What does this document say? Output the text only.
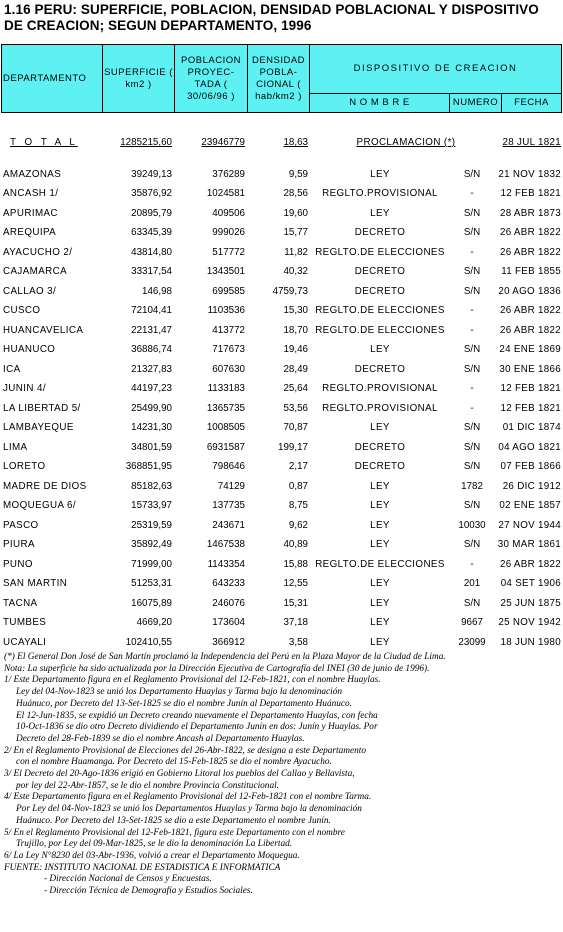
1.16 PERU: SUPERFICIE, POBLACION, DENSIDAD POBLACIONAL Y DISPOSITIVO DE CREACION; SEGUN DEPARTAMENTO, 1996
DEPARTAMENTO	SUPERFICIE ( km2 )	POBLACION PROYEC-TADA ( 30/06/96 )	DENSIDAD POBLA-CIONAL ( hab/km2 )	DISPOSITIVO DE CREACION		
				N O M B R E	NUMERO	FECHA
T O T A L	1285215,60	23946779	18,63	PROCLAMACION (*)	28 JUL 1821
AMAZONAS	39249,13	376289	9,59	LEY	S/N	21 NOV 1832
ANCASH 1/	35876,92	1024581	28,56	REGLTO.PROVISIONAL	-	12 FEB 1821
APURIMAC	20895,79	409506	19,60	LEY	S/N	28 ABR 1873
AREQUIPA	63345,39	999026	15,77	DECRETO	S/N	26 ABR 1822
AYACUCHO 2/	43814,80	517772	11,82 REGLTO.DE ELECCIONES	-	26 ABR 1822
CAJAMARCA	33317,54	1343501	40,32	DECRETO	S/N	11 FEB 1855
CALLAO 3/	146,98	699585	4759,73	DECRETO	S/N	20 AGO 1836
CUSCO	72104,41	1103536	15,30 REGLTO.DE ELECCIONES	-	26 ABR 1822
HUANCAVELICA	22131,47	413772	18,70 REGLTO.DE ELECCIONES	-	26 ABR 1822
HUANUCO	36886,74	717673	19,46	LEY	S/N	24 ENE 1869
ICA	21327,83	607630	28,49	DECRETO	S/N	30 ENE 1866
JUNIN 4/	44197,23	1133183	25,64	REGLTO.PROVISIONAL	-	12 FEB 1821
LA LIBERTAD 5/	25499,90	1365735	53,56	REGLTO.PROVISIONAL	-	12 FEB 1821
LAMBAYEQUE	14231,30	1008505	70,87	LEY	S/N	01 DIC 1874
LIMA	34801,59	6931587	199,17	DECRETO	S/N	04 AGO 1821
LORETO	368851,95	798646	2,17	DECRETO	S/N	07 FEB 1866
MADRE DE DIOS	85182,63	74129	0,87	LEY	1782	26 DIC 1912
MOQUEGUA 6/	15733,97	137735	8,75	LEY	S/N	02 ENE 1857
PASCO	25319,59	243671	9,62	LEY	10030	27 NOV 1944
PIURA	35892,49	1467538	40,89	LEY	S/N	30 MAR 1861
PUNO	71999,00	1143354	15,88 REGLTO.DE ELECCIONES	-	26 ABR 1822
SAN MARTIN	51253,31	643233	12,55	LEY	201	04 SET 1906
TACNA	16075,89	246076	15,31	LEY	S/N	25 JUN 1875
TUMBES	4669,20	173604	37,18	LEY	9667	25 NOV 1942
UCAYALI	102410,55	366912	3,58	LEY	23099	18 JUN 1980

(*) El General Don José de San Martín proclamó la Independencia del Perú en la Plaza Mayor de la Ciudad de Lima.

Nota: La superficie ha sido actualizada por la Dirección Ejecutiva de Cartografía del INEI (30 de junio de 1996).

1/ Este Departamento figura en el Reglamento Provisional del 12-Feb-1821, con el nombre Huaylas.

Ley del 04-Nov-1823 se unió los Departamento Huaylas y Tarma bajo la denominación

Huánuco, por Decreto del 13-Set-1825 se dio el nombre Junín al Departamento Huánuco.

El 12-Jun-1835, se expidió un Decreto creando nuevamente el Departamento Huaylas, con fecha

10-Oct-1836 se dio otro Decreto dividiendo el Departamento Junín en dos: Junín y Huaylas. Por

Decreto del 28-Feb-1839 se dio el nombre Ancash al Departamento Huaylas.

2/ En el Reglamento Provisional de Elecciones del 26-Abr-1822, se designa a este Departamento

con el nombre Huamanga. Por Decreto del 15-Feb-1825 se dio el nombre Ayacucho.

3/ El Decreto del 20-Ago-1836 erigió en Gobierno Litoral los pueblos del Callao y Bellavista,

por ley del 22-Abr-1857, se le dio el nombre Provincia Constitucional.

4/ Este Departamento figura en el Reglamento Provisional del 12-Feb-1821 con el nombre Tarma.

Por Ley del 04-Nov-1823 se unió los Departamentos Huaylas y Tarma bajo la denominación

Huánuco. Por Decreto del 13-Set-1825 se dio a este Departamento el nombre Junín.

5/ En el Reglamento Provisional del 12-Feb-1821, figura este Departamento con el nombre

Trujillo, por Ley del 09-Mar-1825, se le dio la denominación La Libertad.

6/ La Ley N°8230 del 03-Abr-1936, volvió a crear el Departamento Moquegua.

FUENTE: INSTITUTO NACIONAL DE ESTADISTICA E INFORMATICA

- Dirección Nacional de Censos y Encuestas.

- Dirección Técnica de Demografía y Estudios Sociales.
